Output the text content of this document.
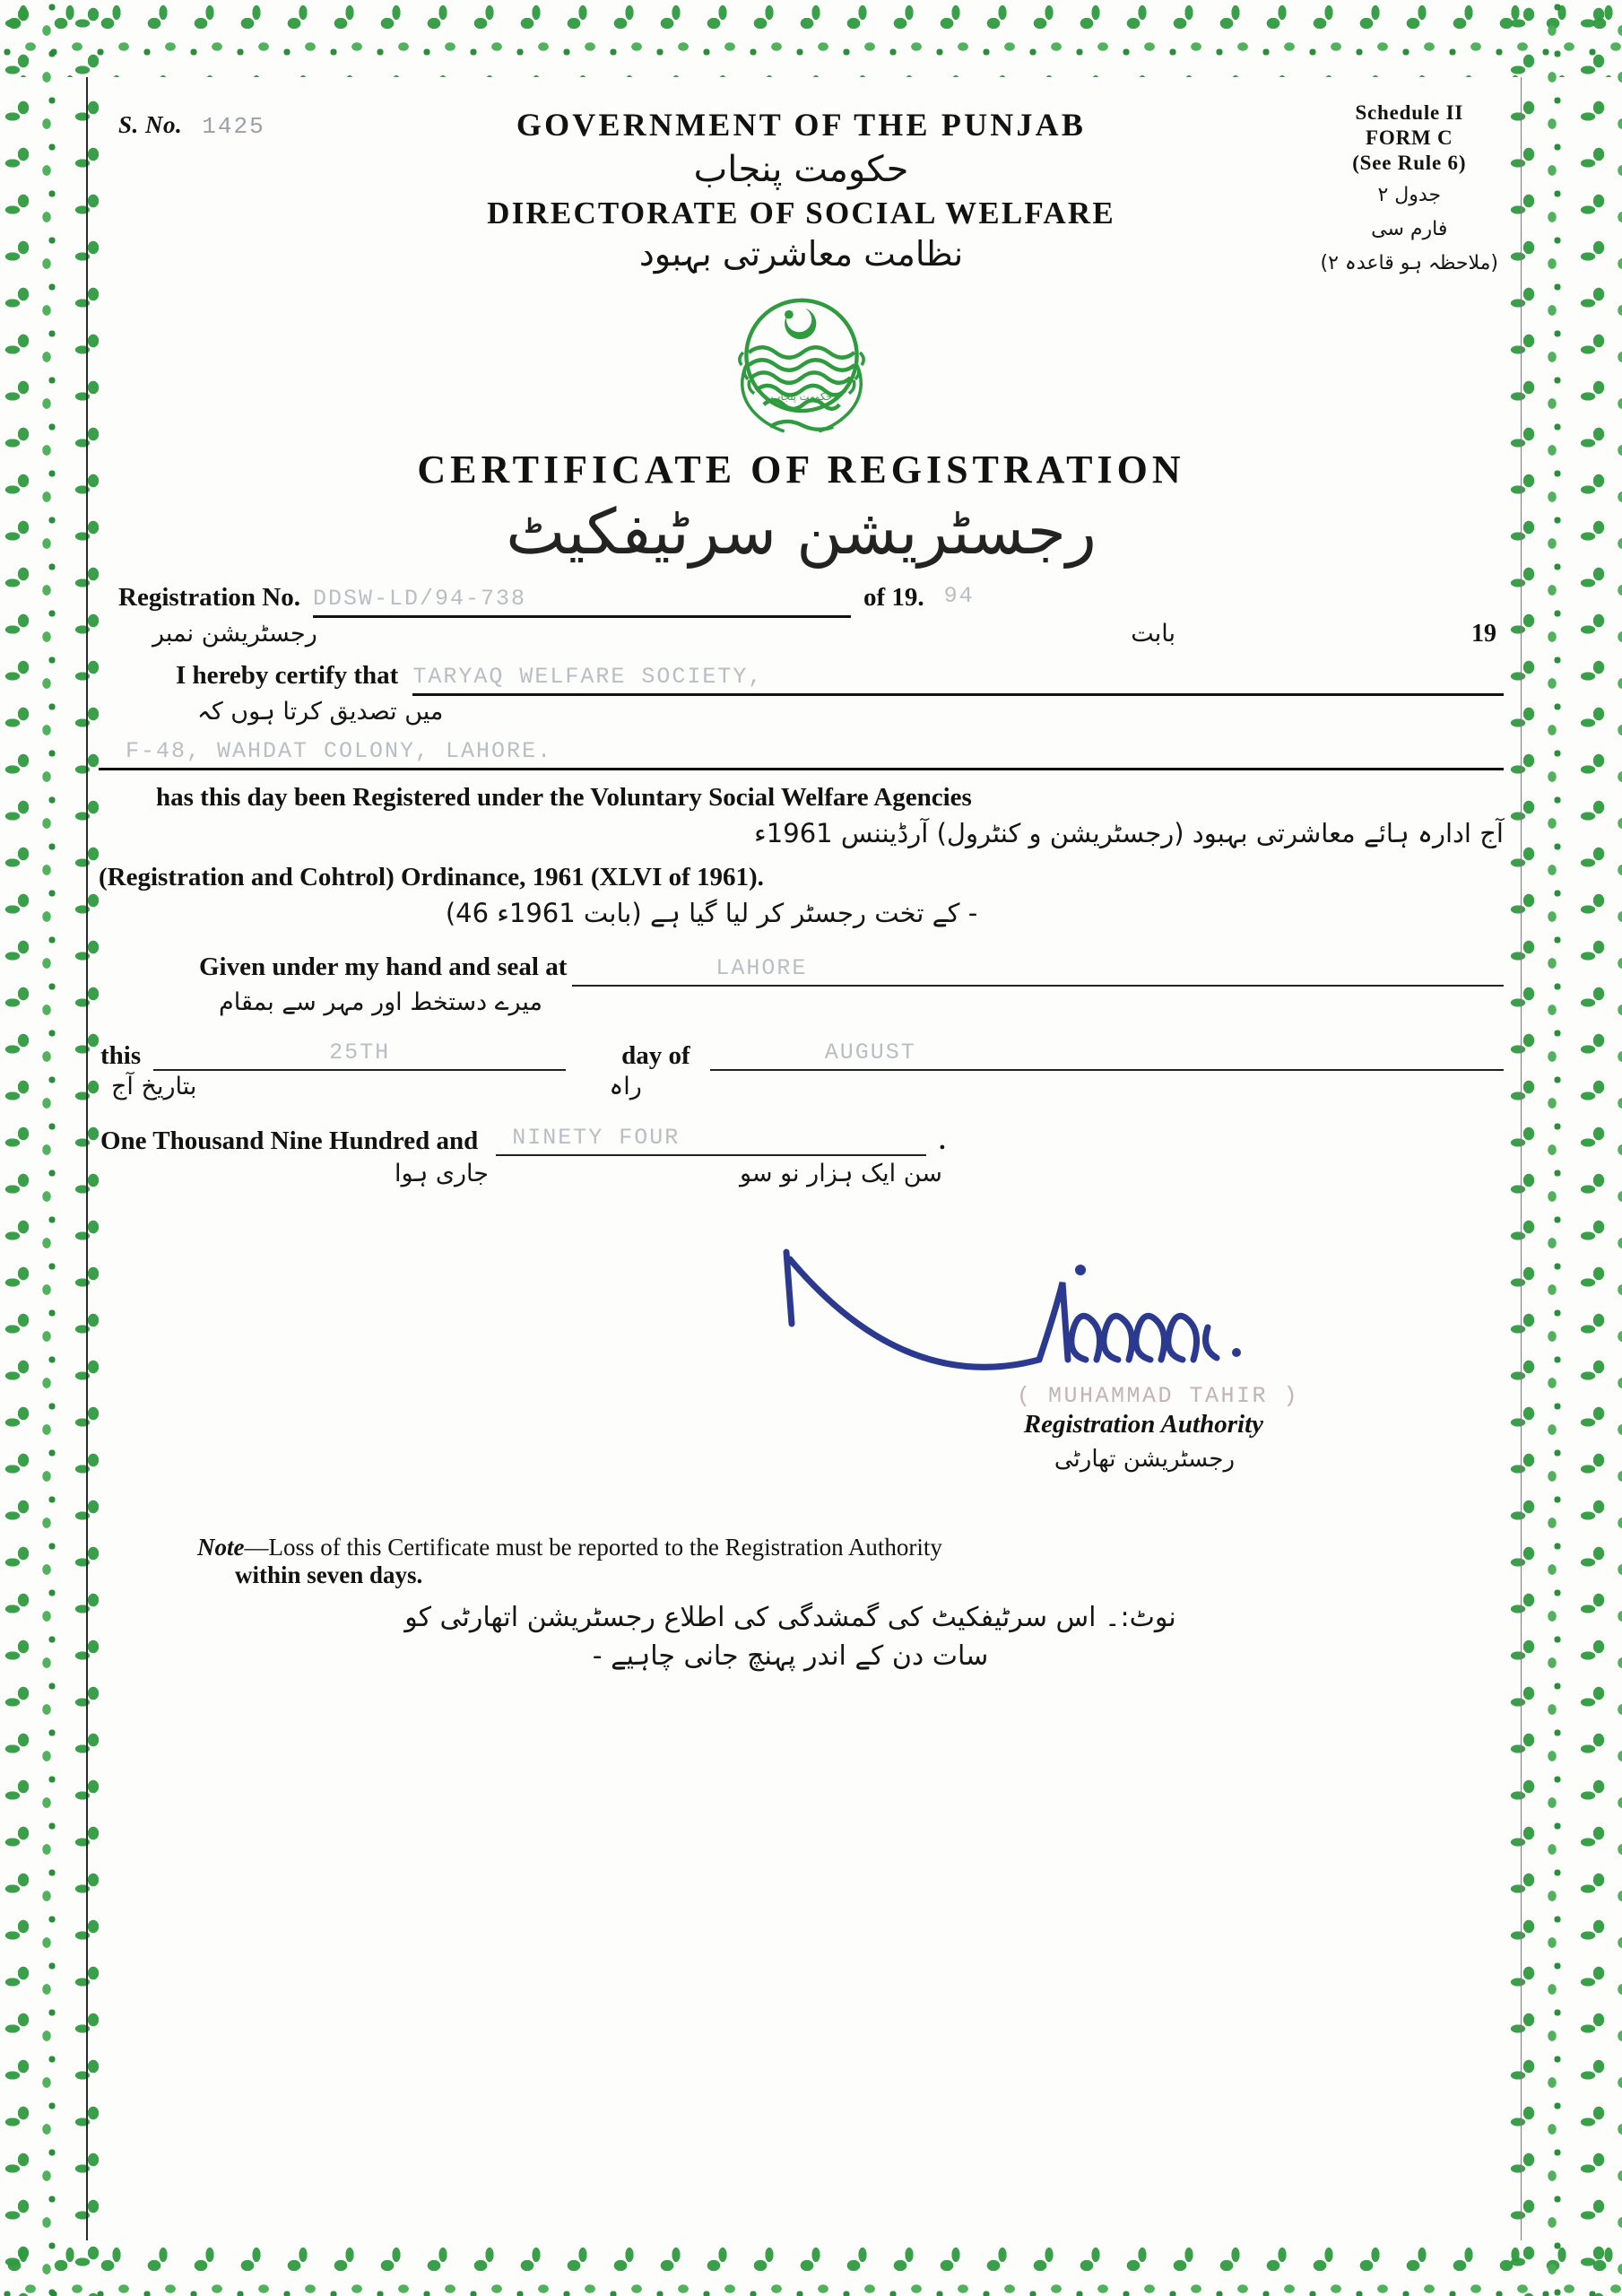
S. No. 1425	GOVERNMENT OF THE PUNJAB
حکومت پنجاب
DIRECTORATE OF SOCIAL WELFARE
نظامت معاشرتی بہبود
Schedule II
FORM C
(See Rule 6)
جدول ۲
فارم سی
(ملاحظہ ہو قاعدہ ۲)
حکومت پنجاب
CERTIFICATE OF REGISTRATION
رجسٹریشن سرٹیفکیٹ
Registration No. DDSW-LD/94-738	of 19. 94
رجسٹریشن نمبر	بابت	19
I hereby certify that TARYAQ WELFARE SOCIETY,
میں تصدیق کرتا ہوں کہ
F-48, WAHDAT COLONY, LAHORE.
has this day been Registered under the Voluntary Social Welfare Agencies
آج ادارہ ہائے معاشرتی بہبود (رجسٹریشن و کنٹرول) آرڈیننس 1961ء
(Registration and Cohtrol) Ordinance, 1961 (XLVI of 1961).
(46 بابت 1961ء) کے تخت رجسٹر کر لیا گیا ہے -
Given under my hand and seal at	LAHORE
میرے دستخط اور مہر سے بمقام
this	25TH	day of	AUGUST
بتاریخ آج	راہ
One Thousand Nine Hundred and	NINETY FOUR	.
جاری ہوا	سن ایک ہزار نو سو
( MUHAMMAD TAHIR )
Registration Authority
رجسٹریشن تھارٹی
Note—Loss of this Certificate must be reported to the Registration Authority
within seven days.
نوٹ:۔ اس سرٹیفکیٹ کی گمشدگی کی اطلاع رجسٹریشن اتھارٹی کو
سات دن کے اندر پہنچ جانی چاہیے -
